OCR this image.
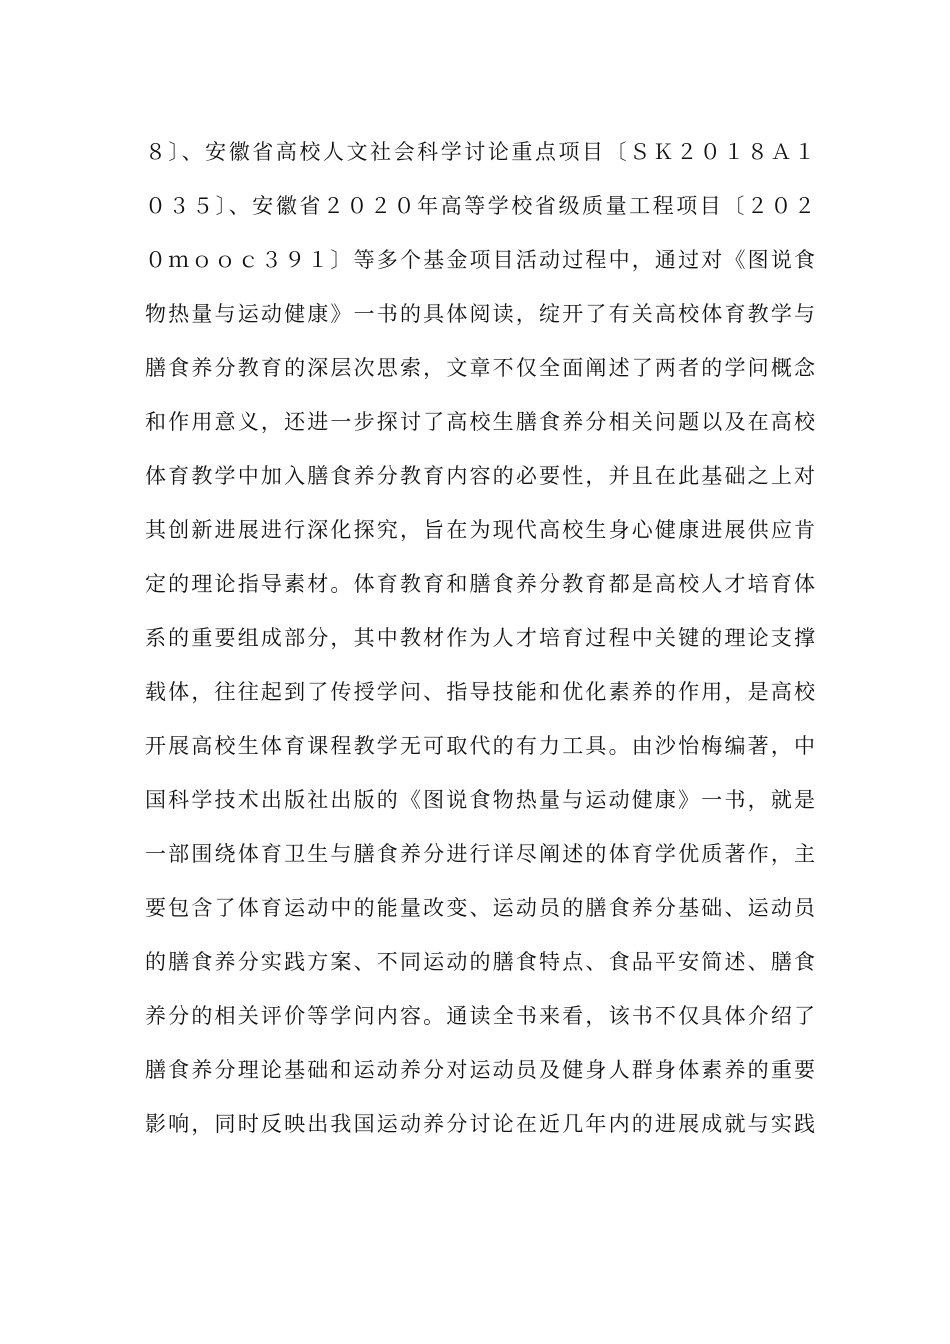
８〕、安徽省高校人文社会科学讨论重点项目〔ＳＫ２０１８Ａ１
０３５〕、安徽省２０２０年高等学校省级质量工程项目〔２０２
０ｍｏｏｃ３９１〕等多个基金项目活动过程中，通过对《图说食
物热量与运动健康》一书的具体阅读，绽开了有关高校体育教学与
膳食养分教育的深层次思索，文章不仅全面阐述了两者的学问概念
和作用意义，还进一步探讨了高校生膳食养分相关问题以及在高校
体育教学中加入膳食养分教育内容的必要性，并且在此基础之上对
其创新进展进行深化探究，旨在为现代高校生身心健康进展供应肯
定的理论指导素材。体育教育和膳食养分教育都是高校人才培育体
系的重要组成部分，其中教材作为人才培育过程中关键的理论支撑
载体，往往起到了传授学问、指导技能和优化素养的作用，是高校
开展高校生体育课程教学无可取代的有力工具。由沙怡梅编著，中
国科学技术出版社出版的《图说食物热量与运动健康》一书，就是
一部围绕体育卫生与膳食养分进行详尽阐述的体育学优质著作，主
要包含了体育运动中的能量改变、运动员的膳食养分基础、运动员
的膳食养分实践方案、不同运动的膳食特点、食品平安简述、膳食
养分的相关评价等学问内容。通读全书来看，该书不仅具体介绍了
膳食养分理论基础和运动养分对运动员及健身人群身体素养的重要
影响，同时反映出我国运动养分讨论在近几年内的进展成就与实践
